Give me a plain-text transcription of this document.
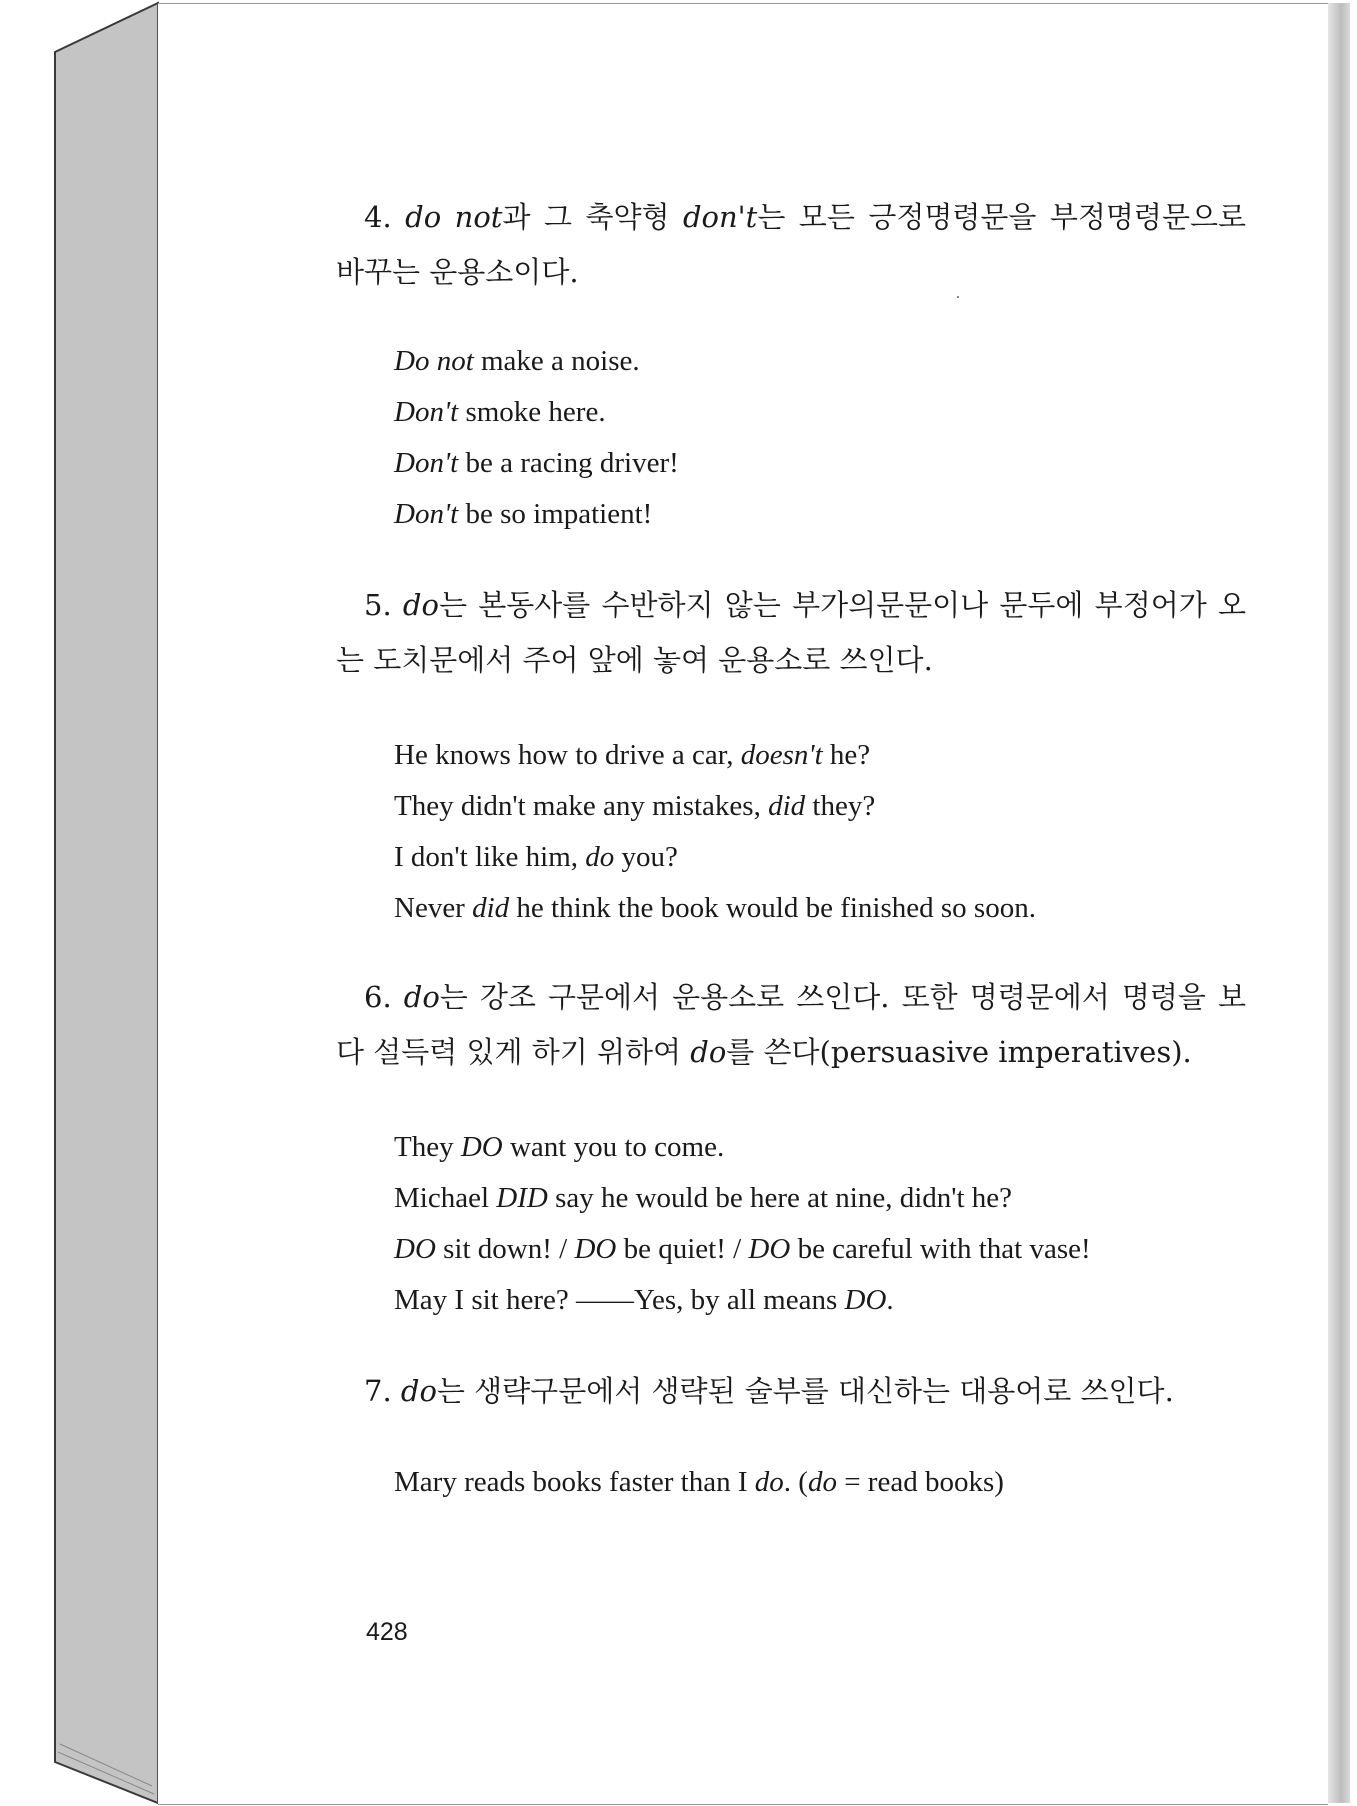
4. do not과 그 축약형 don't는 모든 긍정명령문을 부정명령문으로 바꾸는 운용소이다.

Do not make a noise.
Don't smoke here.
Don't be a racing driver!
Don't be so impatient!

5. do는 본동사를 수반하지 않는 부가의문문이나 문두에 부정어가 오는 도치문에서 주어 앞에 놓여 운용소로 쓰인다.

He knows how to drive a car, doesn't he?
They didn't make any mistakes, did they?
I don't like him, do you?
Never did he think the book would be finished so soon.

6. do는 강조 구문에서 운용소로 쓰인다. 또한 명령문에서 명령을 보다 설득력 있게 하기 위하여 do를 쓴다(persuasive imperatives).

They DO want you to come.
Michael DID say he would be here at nine, didn't he?
DO sit down! / DO be quiet! / DO be careful with that vase!
May I sit here? ——Yes, by all means DO.

7. do는 생략구문에서 생략된 술부를 대신하는 대용어로 쓰인다.

Mary reads books faster than I do. (do = read books)
428
